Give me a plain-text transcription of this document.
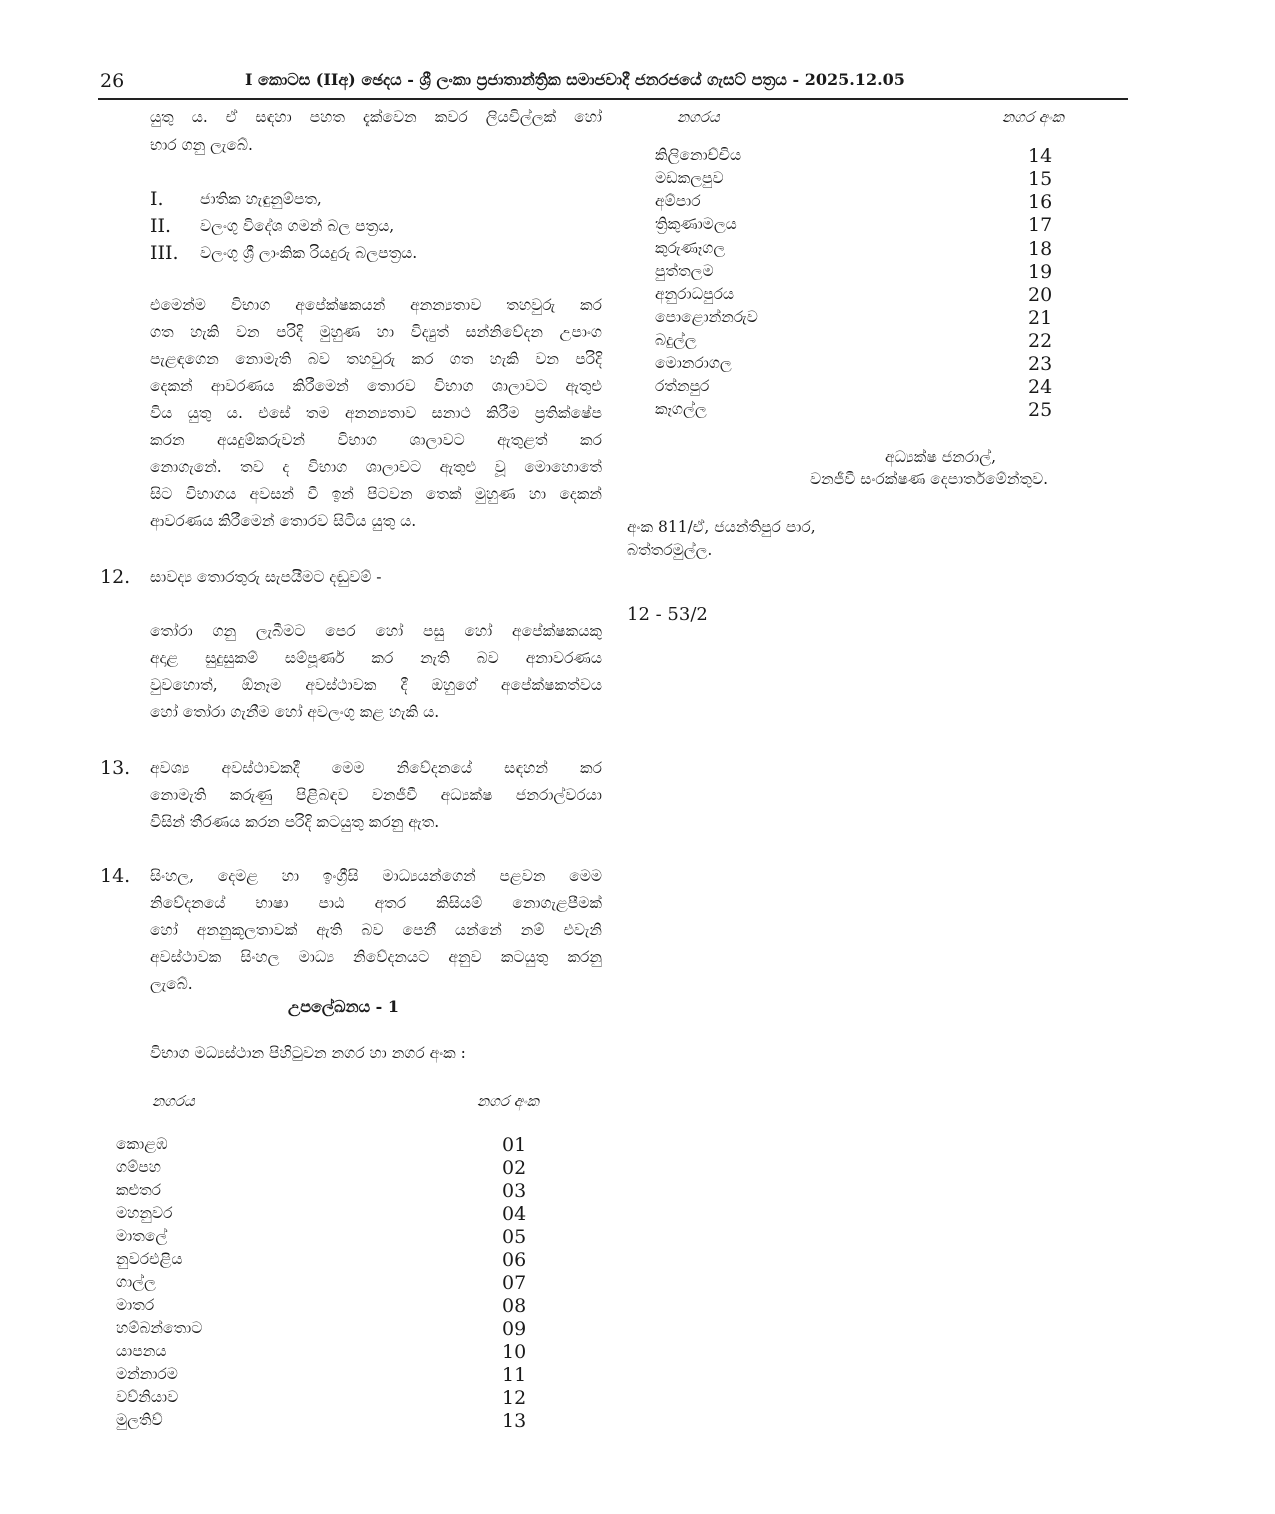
26	I කොටස (IIඅ) ඡෙදය - ශ්‍රී ලංකා ප්‍රජාතාන්ත්‍රික සමාජවාදී ජනරජයේ ගැසට් පත්‍රය - 2025.12.05
යුතු ය. ඒ සඳහා පහත දැක්වෙන කවර ලියවිල්ලක් හෝ
භාර ගනු ලැබේ.
I. ජාතික හැඳුනුම්පත,
II. වලංගු විදේශ ගමන් බල පත්‍රය,
III. වලංගු ශ්‍රී ලාංකික රියදුරු බලපත්‍රය.
එමෙන්ම විභාග අපේක්ෂකයන් අනන්‍යතාව තහවුරු කර
ගත හැකි වන පරිදි මුහුණ හා විද්‍යුත් සන්නිවේදන උපාංග
පැළඳගෙන නොමැති බව තහවුරු කර ගත හැකි වන පරිදි
දෙකන් ආවරණය කිරීමෙන් තොරව විභාග ශාලාවට ඇතුළු
විය යුතු ය. එසේ තම අනන්‍යතාව සනාථ කිරීම ප්‍රතික්ෂේප
කරන අයදුම්කරුවන් විභාග ශාලාවට ඇතුළත් කර
නොගැනේ. තව ද විභාග ශාලාවට ඇතුළු වූ මොහොතේ
සිට විභාගය අවසන් වී ඉන් පිටවන තෙක් මුහුණ හා දෙකන්
ආවරණය කිරීමෙන් තොරව සිටිය යුතු ය.
12. සාවද්‍ය තොරතුරු සැපයීමට දඬුවම් -
තෝරා ගනු ලැබීමට පෙර හෝ පසු හෝ අපේක්ෂකයකු
අදාළ සුදුසුකම් සම්පූර්ණ කර නැති බව අනාවරණය
වුවහොත්, ඕනෑම අවස්ථාවක දී ඔහුගේ අපේක්ෂකත්වය
හෝ තෝරා ගැනීම හෝ අවලංගු කළ හැකි ය.
13. අවශ්‍ය අවස්ථාවකදී මෙම නිවේදනයේ සඳහන් කර
නොමැති කරුණු පිළිබඳව වනජීවී අධ්‍යක්ෂ ජනරාල්වරයා
විසින් තීරණය කරන පරිදි කටයුතු කරනු ඇත.
14. සිංහල, දෙමළ හා ඉංග්‍රීසි මාධ්‍යයන්ගෙන් පළවන මෙම
නිවේදනයේ භාෂා පාඨ අතර කිසියම් නොගැළපීමක්
හෝ අනනුකූලතාවක් ඇති බව පෙනී යන්නේ නම් එවැනි
අවස්ථාවක සිංහල මාධ්‍ය නිවේදනයට අනුව කටයුතු කරනු
ලැබේ.
උපලේඛනය - 1
විභාග මධ්‍යස්ථාන පිහිටුවන නගර හා නගර අංක :
නගරය	නගර අංක
කොළඹ	01
ගම්පහ	02
කළුතර	03
මහනුවර	04
මාතලේ	05
නුවරඑළිය	06
ගාල්ල	07
මාතර	08
හම්බන්තොට	09
යාපනය	10
මන්නාරම	11
වව්නියාව	12
මුලතිව්	13
නගරය	නගර අංක
කිලිනොච්චිය	14
මඩකලපුව	15
අම්පාර	16
ත්‍රිකුණාමලය	17
කුරුණෑගල	18
පුත්තලම	19
අනුරාධපුරය	20
පොළොන්නරුව	21
බදුල්ල	22
මොනරාගල	23
රත්නපුර	24
කෑගල්ල	25
අධ්‍යක්ෂ ජනරාල්,
වනජීවී සංරක්ෂණ දෙපාර්තමේන්තුව.
අංක 811/ඒ, ජයන්තිපුර පාර,
බත්තරමුල්ල.
12 - 53/2
